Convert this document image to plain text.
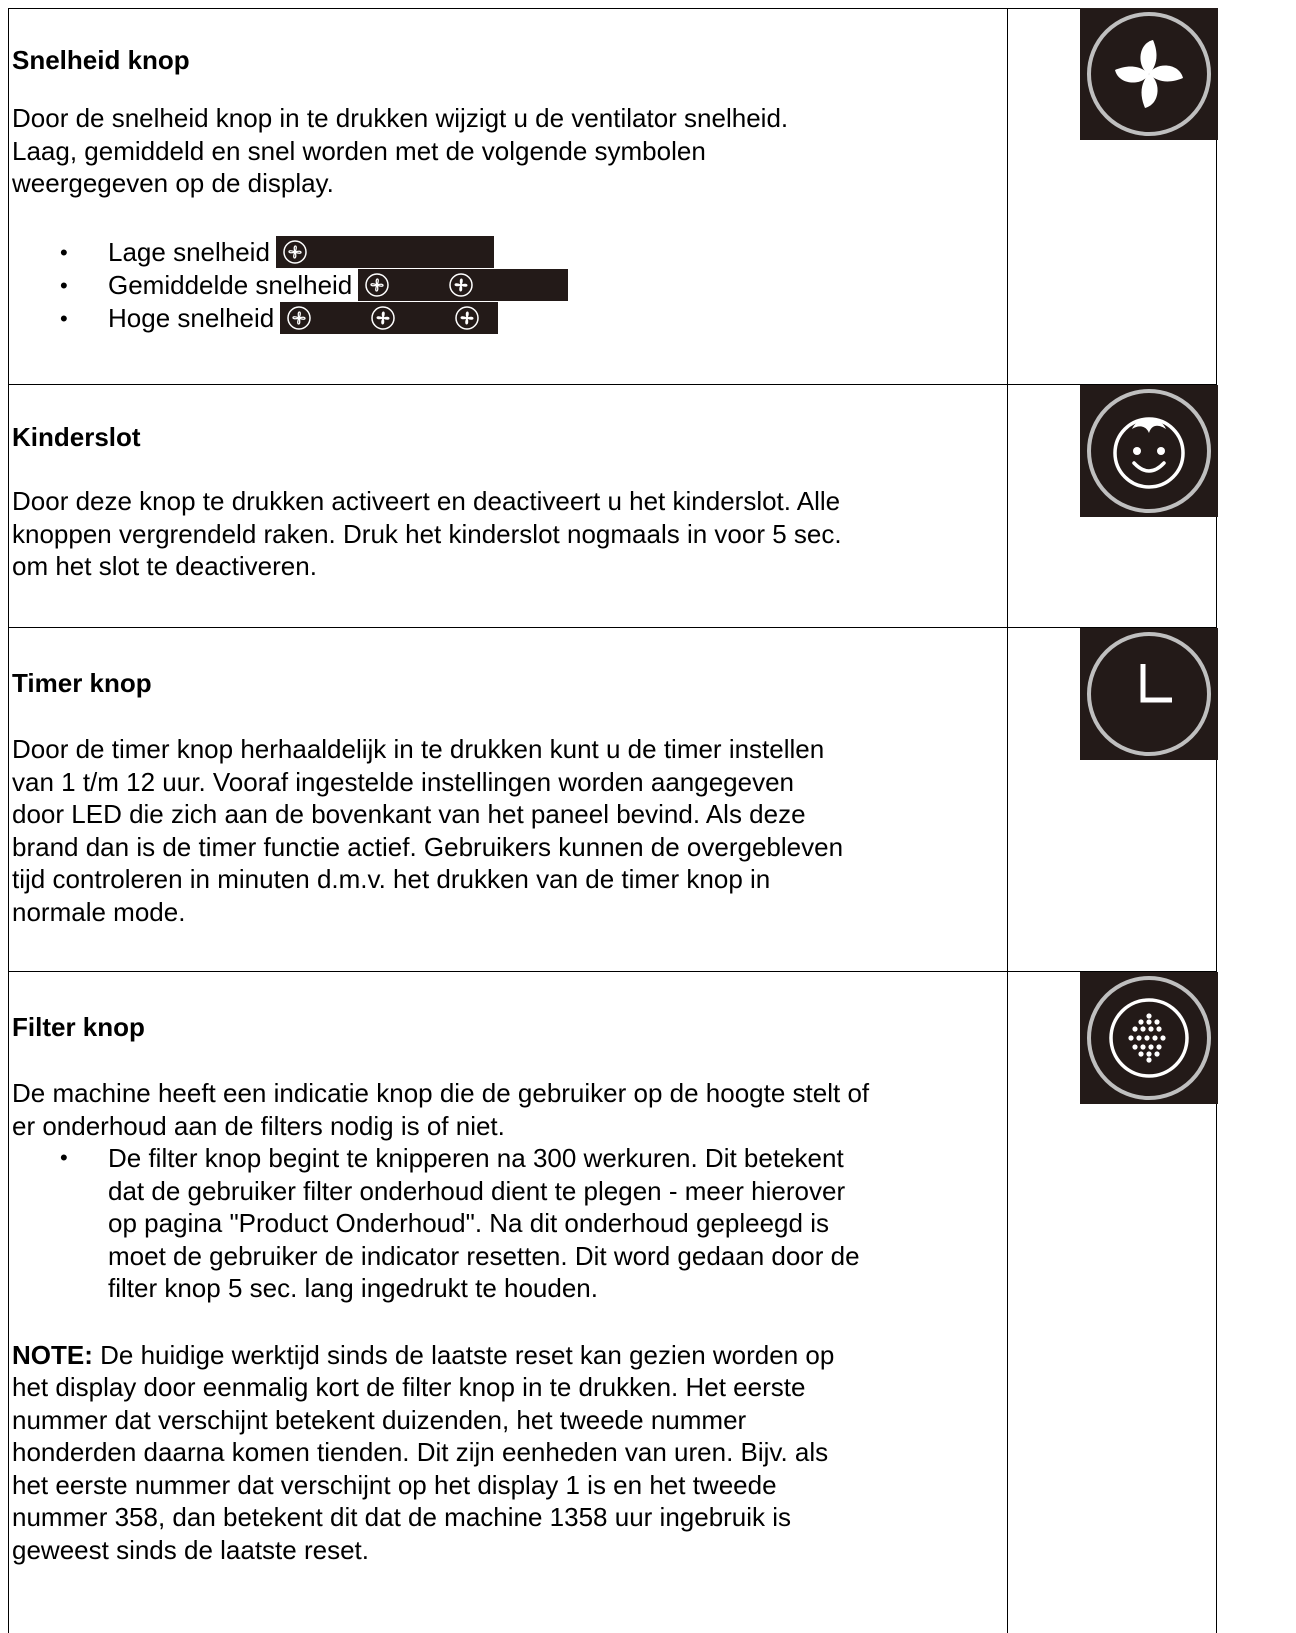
Snelheid knop

Door de snelheid knop in te drukken wijzigt u de ventilator snelheid.

Laag, gemiddeld en snel worden met de volgende symbolen

weergegeven op de display.

• Lage snelheid
• Gemiddelde snelheid
• Hoge snelheid

Kinderslot

Door deze knop te drukken activeert en deactiveert u het kinderslot. Alle

knoppen vergrendeld raken. Druk het kinderslot nogmaals in voor 5 sec.

om het slot te deactiveren.

Timer knop

Door de timer knop herhaaldelijk in te drukken kunt u de timer instellen

van 1 t/m 12 uur. Vooraf ingestelde instellingen worden aangegeven

door LED die zich aan de bovenkant van het paneel bevind. Als deze

brand dan is de timer functie actief. Gebruikers kunnen de overgebleven

tijd controleren in minuten d.m.v. het drukken van de timer knop in

normale mode.

Filter knop

De machine heeft een indicatie knop die de gebruiker op de hoogte stelt of

er onderhoud aan de filters nodig is of niet.

• De filter knop begint te knipperen na 300 werkuren. Dit betekent

dat de gebruiker filter onderhoud dient te plegen - meer hierover

op pagina "Product Onderhoud". Na dit onderhoud gepleegd is

moet de gebruiker de indicator resetten. Dit word gedaan door de

filter knop 5 sec. lang ingedrukt te houden.

NOTE: De huidige werktijd sinds de laatste reset kan gezien worden op

het display door eenmalig kort de filter knop in te drukken. Het eerste

nummer dat verschijnt betekent duizenden, het tweede nummer

honderden daarna komen tienden. Dit zijn eenheden van uren. Bijv. als

het eerste nummer dat verschijnt op het display 1 is en het tweede

nummer 358, dan betekent dit dat de machine 1358 uur ingebruik is

geweest sinds de laatste reset.
